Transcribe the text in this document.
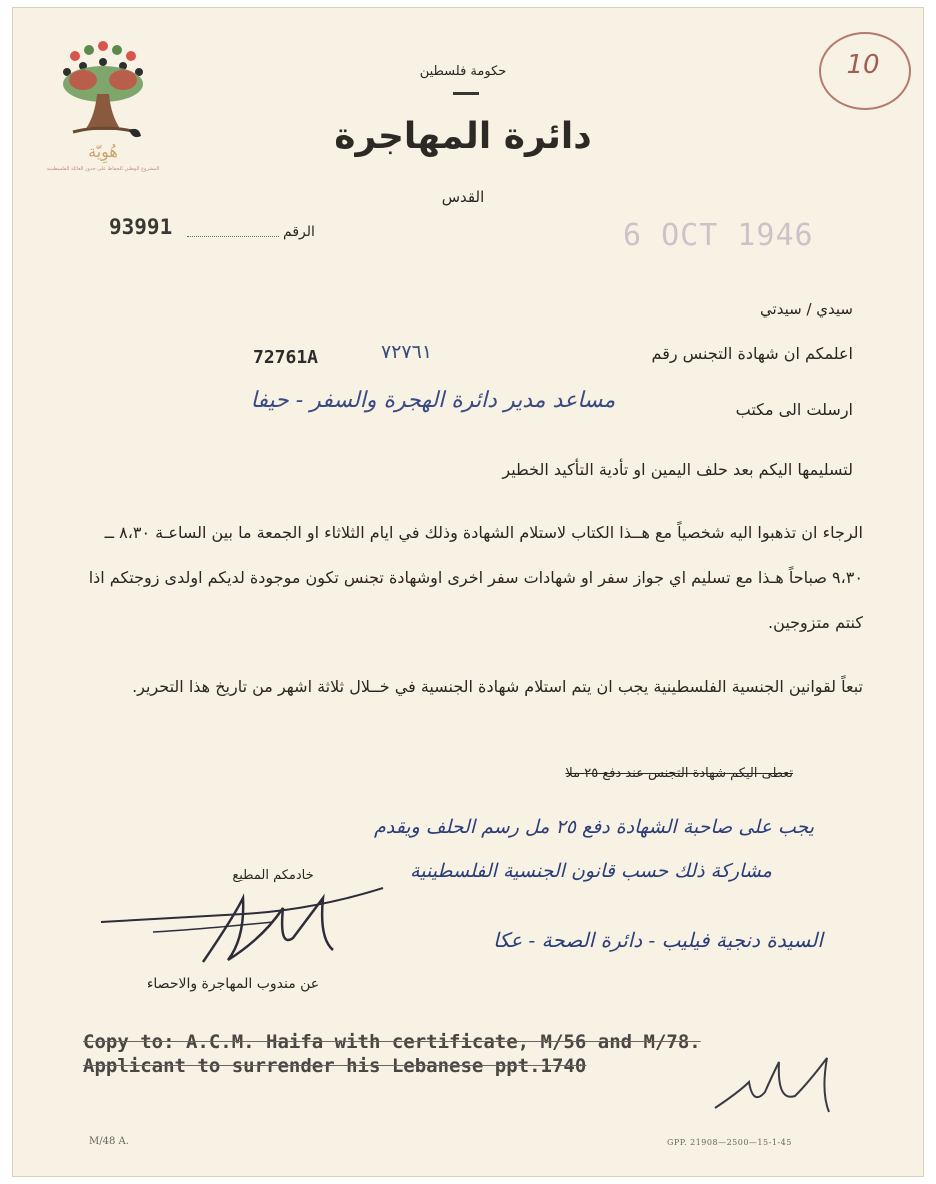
هُوِيّة
المشروع الوطني للحفاظ على جذور العائلة الفلسطينية
10
حكومة فلسطين
دائرة المهاجرة
القدس
93991	الرقم	6 OCT 1946
سيدي / سيدتي
اعلمكم ان شهادة التجنس رقم
٧٢٧٦١
72761A
ارسلت الى مكتب
مساعد مدير دائرة الهجرة والسفر - حيفا
لتسليمها اليكم بعد حلف اليمين او تأدية التأكيد الخطير
الرجاء ان تذهبوا اليه شخصياً مع هــذا الكتاب لاستلام الشهادة وذلك في ايام الثلاثاء او الجمعة ما بين الساعـة ٨،٣٠ ــ ٩،٣٠ صباحاً هـذا مع تسليم اي جواز سفر او شهادات سفر اخرى اوشهادة تجنس تكون موجودة لديكم اولدى زوجتكم اذا كنتم متزوجين.
تبعاً لقوانين الجنسية الفلسطينية يجب ان يتم استلام شهادة الجنسية في خــلال ثلاثة اشهر من تاريخ هذا التحرير.
تعطى اليكم شهادة التجنس عند دفع ٢٥ ملا
يجب على صاحبة الشهادة دفع ٢٥ مل رسم الحلف ويقدم
مشاركة ذلك حسب قانون الجنسية الفلسطينية
السيدة دنجية فيليب - دائرة الصحة - عكا
خادمكم المطيع
عن مندوب المهاجرة والاحصاء
Copy to: A.C.M. Haifa with certificate, M/56 and M/78.
Applicant to surrender his Lebanese ppt.1740
M/48 A.	GPP. 21908—2500—15-1-45
